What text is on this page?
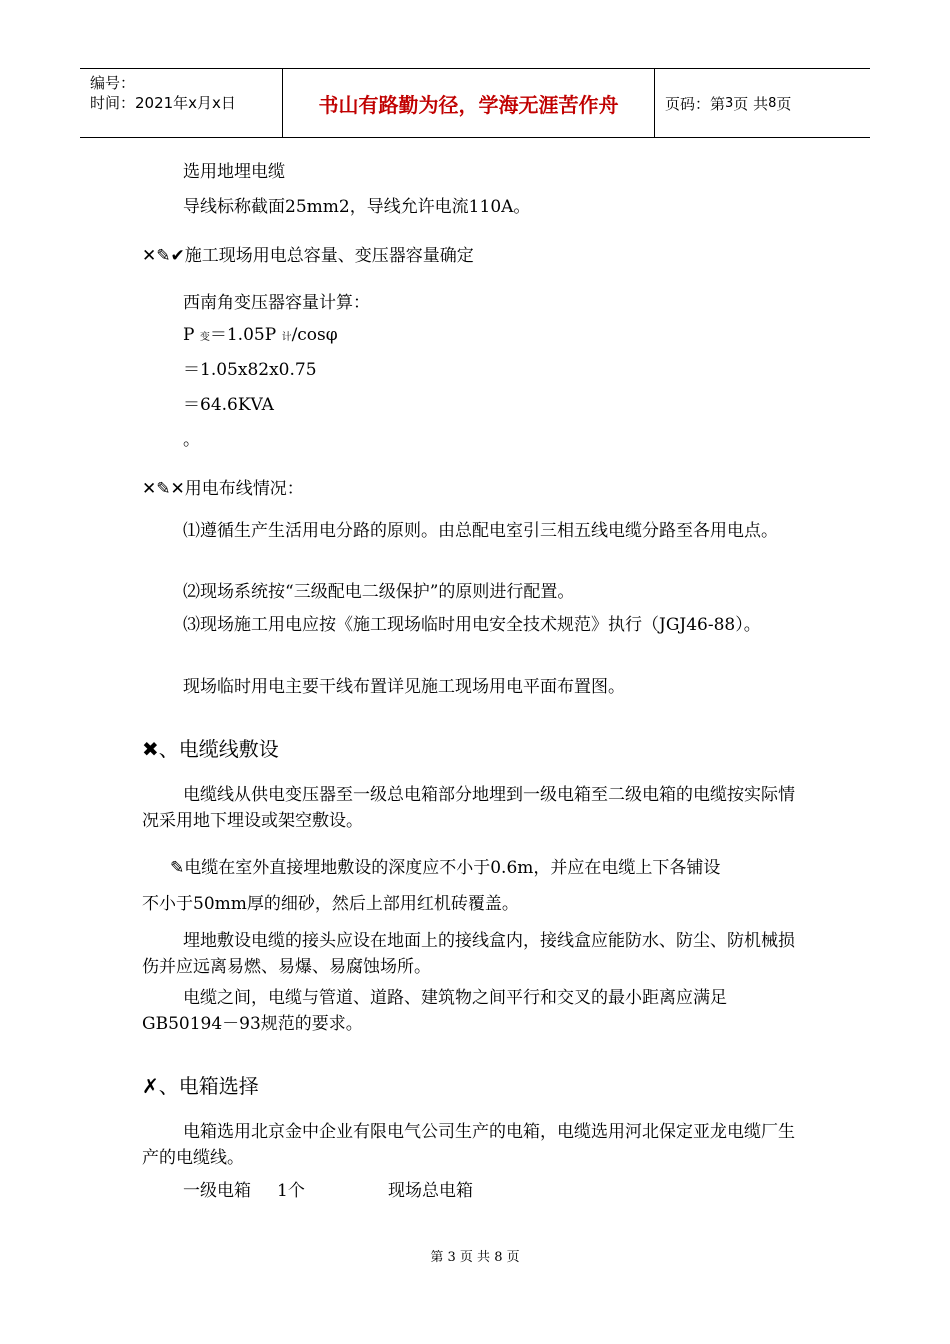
编号：
时间：2021年x月x日	书山有路勤为径，学海无涯苦作舟	页码：第 3 页 共 8 页
选用地埋电缆
导线标称截面25mm2，导线允许电流110A。
✕✎✔施工现场用电总容量、变压器容量确定
西南角变压器容量计算：
P 变＝1.05P 计/cosφ
＝1.05x82x0.75
＝64.6KVA
。
✕✎✕用电布线情况：
⑴遵循生产生活用电分路的原则。由总配电室引三相五线电缆分路至各用电点。
⑵现场系统按“三级配电二级保护”的原则进行配置。
⑶现场施工用电应按《施工现场临时用电安全技术规范》执行（JGJ46-88）。
现场临时用电主要干线布置详见施工现场用电平面布置图。
✖、电缆线敷设
电缆线从供电变压器至一级总电箱部分地埋到一级电箱至二级电箱的电缆按实际情况采用地下埋设或架空敷设。
✎电缆在室外直接埋地敷设的深度应不小于0.6m，并应在电缆上下各铺设
不小于50mm厚的细砂，然后上部用红机砖覆盖。
埋地敷设电缆的接头应设在地面上的接线盒内，接线盒应能防水、防尘、防机械损伤并应远离易燃、易爆、易腐蚀场所。
电缆之间，电缆与管道、道路、建筑物之间平行和交叉的最小距离应满足GB50194－93规范的要求。
✗、电箱选择
电箱选用北京金中企业有限电气公司生产的电箱，电缆选用河北保定亚龙电缆厂生产的电缆线。
一级电箱 1个	现场总电箱
第 3 页 共 8 页
